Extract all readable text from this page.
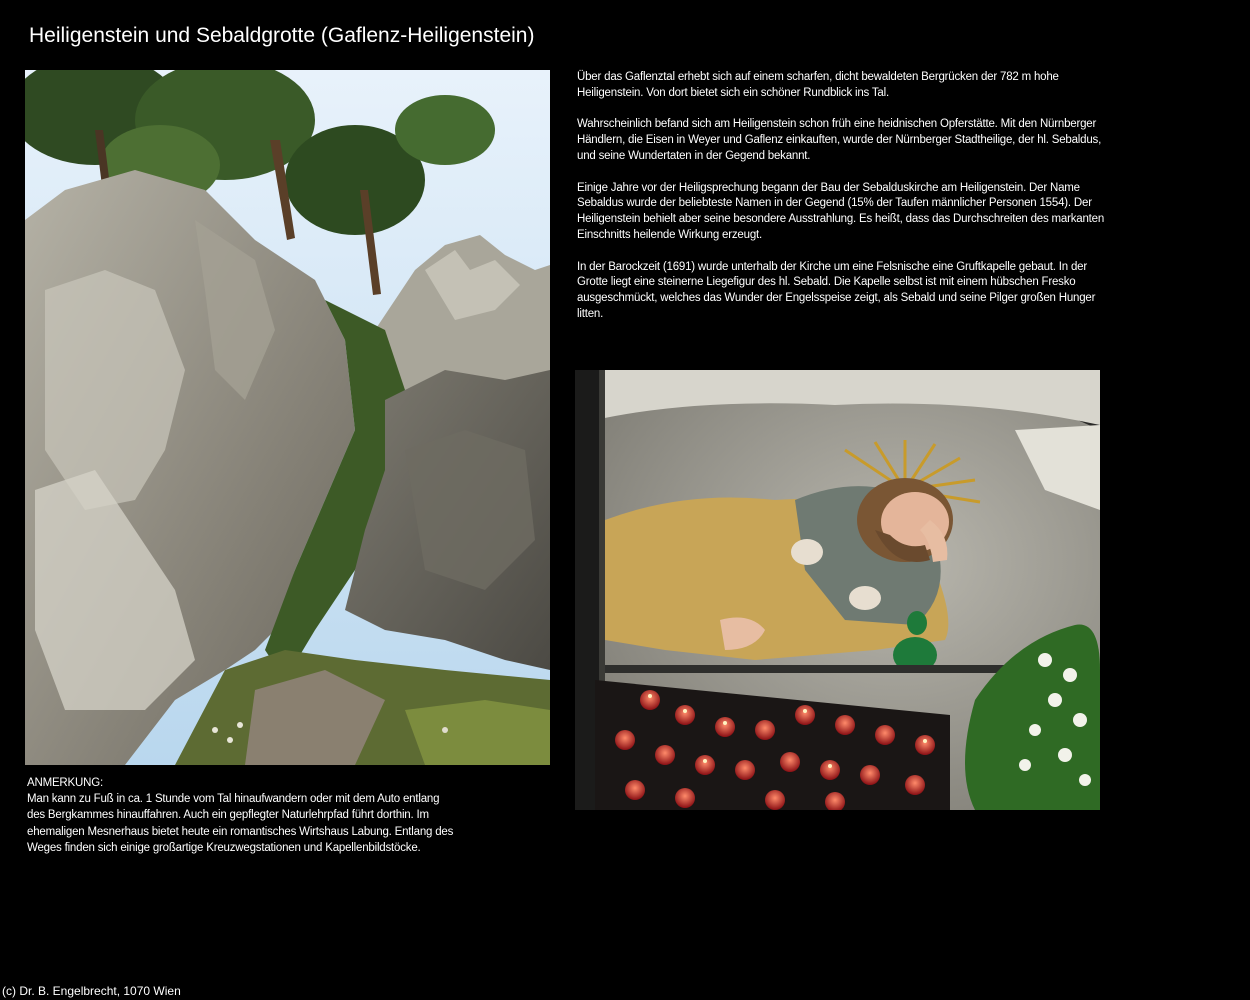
Heiligenstein und Sebaldgrotte (Gaflenz-Heiligenstein)

Über das Gaflenztal erhebt sich auf einem scharfen, dicht bewaldeten Bergrücken der 782 m hohe Heiligenstein. Von dort bietet sich ein schöner Rundblick ins Tal.

Wahrscheinlich befand sich am Heiligenstein schon früh eine heidnischen Opferstätte. Mit den Nürnberger Händlern, die Eisen in Weyer und Gaflenz einkauften, wurde der Nürnberger Stadtheilige, der hl. Sebaldus, und seine Wundertaten in der Gegend bekannt.

Einige Jahre vor der Heiligsprechung begann der Bau der Sebalduskirche am Heiligenstein. Der Name Sebaldus wurde der beliebteste Namen in der Gegend (15% der Taufen männlicher Personen 1554). Der Heiligenstein behielt aber seine besondere Ausstrahlung. Es heißt, dass das Durchschreiten des markanten Einschnitts heilende Wirkung erzeugt.

In der Barockzeit (1691) wurde unterhalb der Kirche um eine Felsnische eine Gruftkapelle gebaut. In der Grotte liegt eine steinerne Liegefigur des hl. Sebald. Die Kapelle selbst ist mit einem hübschen Fresko ausgeschmückt, welches das Wunder der Engelsspeise zeigt, als Sebald und seine Pilger großen Hunger litten.

ANMERKUNG:
Man kann zu Fuß in ca. 1 Stunde vom Tal hinaufwandern oder mit dem Auto entlang des Bergkammes hinauffahren. Auch ein gepflegter Naturlehrpfad führt dorthin. Im ehemaligen Mesnerhaus bietet heute ein romantisches Wirtshaus Labung. Entlang des Weges finden sich einige großartige Kreuzwegstationen und Kapellenbildstöcke.
(c) Dr. B. Engelbrecht, 1070 Wien
